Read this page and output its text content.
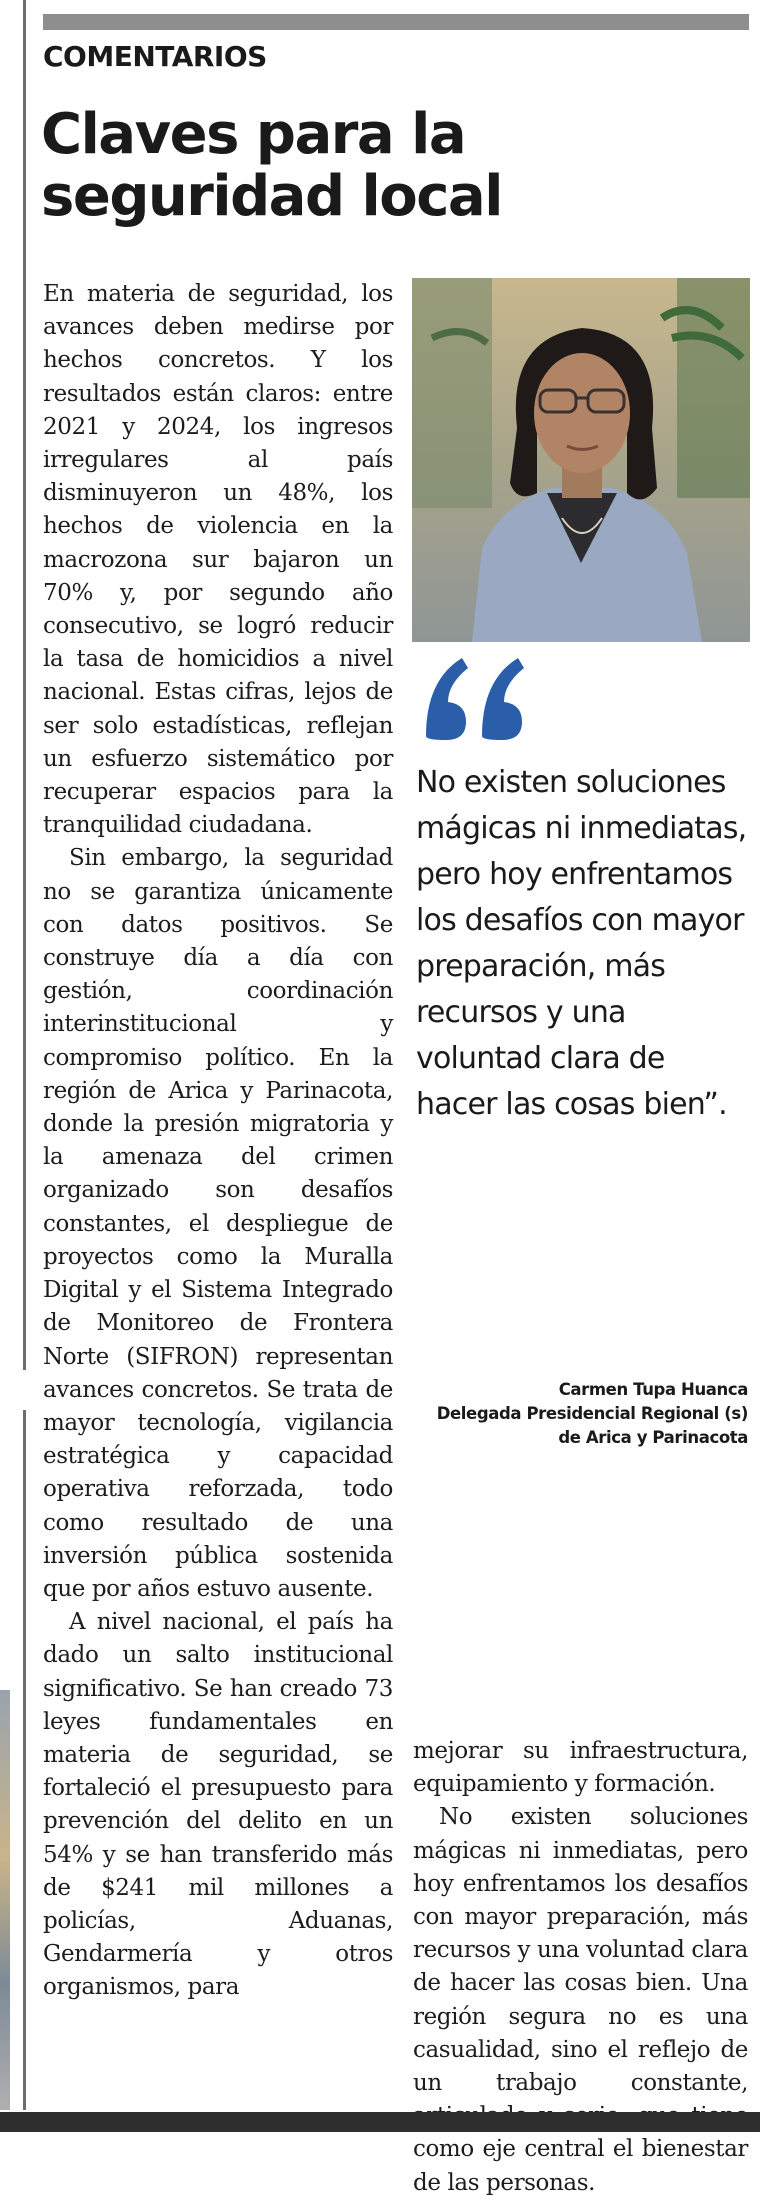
COMENTARIOS
Claves para la seguridad local

En materia de seguridad, los avances deben medirse por hechos concretos. Y los resultados están claros: entre 2021 y 2024, los ingresos irregulares al país disminuyeron un 48%, los hechos de violencia en la macrozona sur bajaron un 70% y, por segundo año consecutivo, se logró reducir la tasa de homicidios a nivel nacional. Estas cifras, lejos de ser solo estadísticas, reflejan un esfuerzo sistemático por recuperar espacios para la tranquilidad ciudadana.

Sin embargo, la seguridad no se garantiza únicamente con datos positivos. Se construye día a día con gestión, coordinación interinstitucional y compromiso político. En la región de Arica y Parinacota, donde la presión migratoria y la amenaza del crimen organizado son desafíos constantes, el despliegue de proyectos como la Muralla Digital y el Sistema Integrado de Monitoreo de Frontera Norte (SIFRON) representan avances concretos. Se trata de mayor tecnología, vigilancia estratégica y capacidad operativa reforzada, todo como resultado de una inversión pública sostenida que por años estuvo ausente.

A nivel nacional, el país ha dado un salto institucional significativo. Se han creado 73 leyes fundamentales en materia de seguridad, se fortaleció el presupuesto para prevención del delito en un 54% y se han transferido más de $241 mil millones a policías, Aduanas, Gendarmería y otros organismos, para

No existen soluciones mágicas ni inmediatas, pero hoy enfrentamos los desafíos con mayor preparación, más recursos y una voluntad clara de hacer las cosas bien”.

Carmen Tupa Huanca
Delegada Presidencial Regional (s)
de Arica y Parinacota

mejorar su infraestructura, equipamiento y formación.

No existen soluciones mágicas ni inmediatas, pero hoy enfrentamos los desafíos con mayor preparación, más recursos y una voluntad clara de hacer las cosas bien. Una región segura no es una casualidad, sino el reflejo de un trabajo constante, como eje central el bienestar de las personas.
